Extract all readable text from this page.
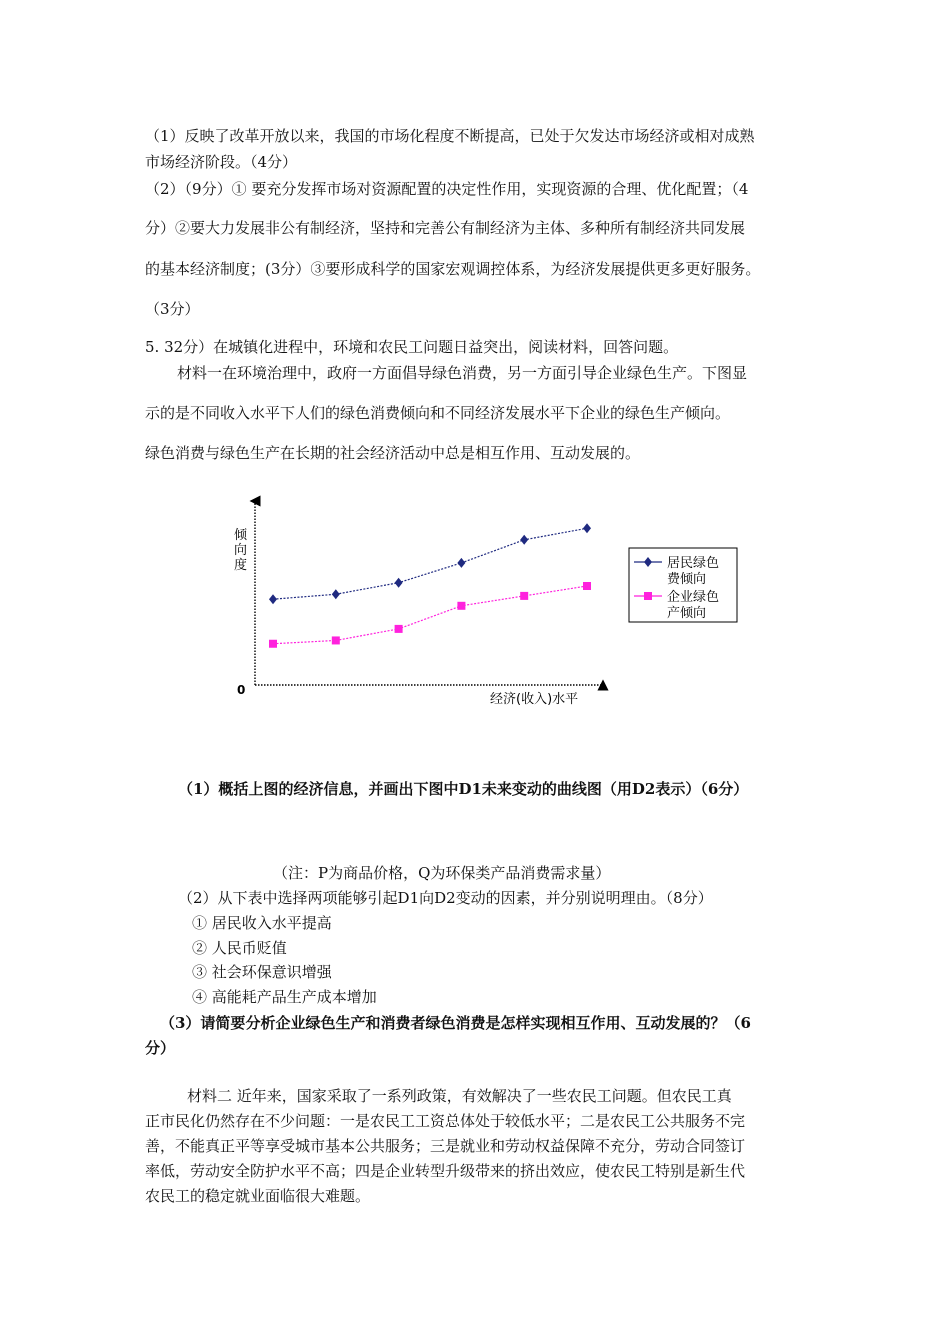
（1）反映了改革开放以来，我国的市场化程度不断提高，已处于欠发达市场经济或相对成熟
市场经济阶段。（4分）
（2）（9分）① 要充分发挥市场对资源配置的决定性作用，实现资源的合理、优化配置；（4
分）②要大力发展非公有制经济，坚持和完善公有制经济为主体、多种所有制经济共同发展
的基本经济制度；(3分）③要形成科学的国家宏观调控体系，为经济发展提供更多更好服务。
（3分）
5. 32分）在城镇化进程中，环境和农民工问题日益突出，阅读材料，回答问题。
材料一在环境治理中，政府一方面倡导绿色消费，另一方面引导企业绿色生产。下图显
示的是不同收入水平下人们的绿色消费倾向和不同经济发展水平下企业的绿色生产倾向。
绿色消费与绿色生产在长期的社会经济活动中总是相互作用、互动发展的。
0
经济(收入)水平
倾向度	居民绿色
费倾向
企业绿色
产倾向
（1）概括上图的经济信息，并画出下图中D1未来变动的曲线图（用D2表示）（6分）
（注：P为商品价格，Q为环保类产品消费需求量）
（2）从下表中选择两项能够引起D1向D2变动的因素，并分别说明理由。（8分）
① 居民收入水平提高
② 人民币贬值
③ 社会环保意识增强
④ 高能耗产品生产成本增加
（3）请简要分析企业绿色生产和消费者绿色消费是怎样实现相互作用、互动发展的？（6
分）
材料二 近年来，国家采取了一系列政策，有效解决了一些农民工问题。但农民工真
正市民化仍然存在不少问题：一是农民工工资总体处于较低水平；二是农民工公共服务不完
善，不能真正平等享受城市基本公共服务；三是就业和劳动权益保障不充分，劳动合同签订
率低，劳动安全防护水平不高；四是企业转型升级带来的挤出效应，使农民工特别是新生代
农民工的稳定就业面临很大难题。
